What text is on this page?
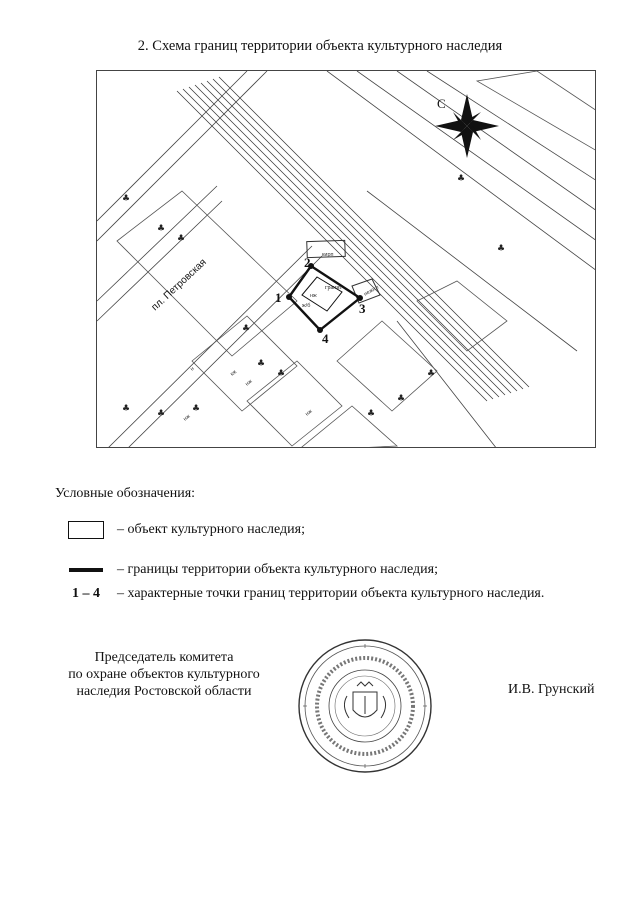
2. Схема границ территории объекта культурного наследия
1
2
3
4
гранит
пл. Петровская
н	кж
нж
кирп
нежил
ж/б
нж
нж
нж
♣
♣
♣
♣
♣
♣
♣
♣
♣
♣
♣
♣
♣
♣
С
Условные обозначения:
– объект культурного наследия;
– границы территории объекта культурного наследия;
1 – 4 – характерные точки границ территории объекта культурного наследия.
Председатель комитета
по охране объектов культурного
наследия Ростовской области	И.В. Грунский
